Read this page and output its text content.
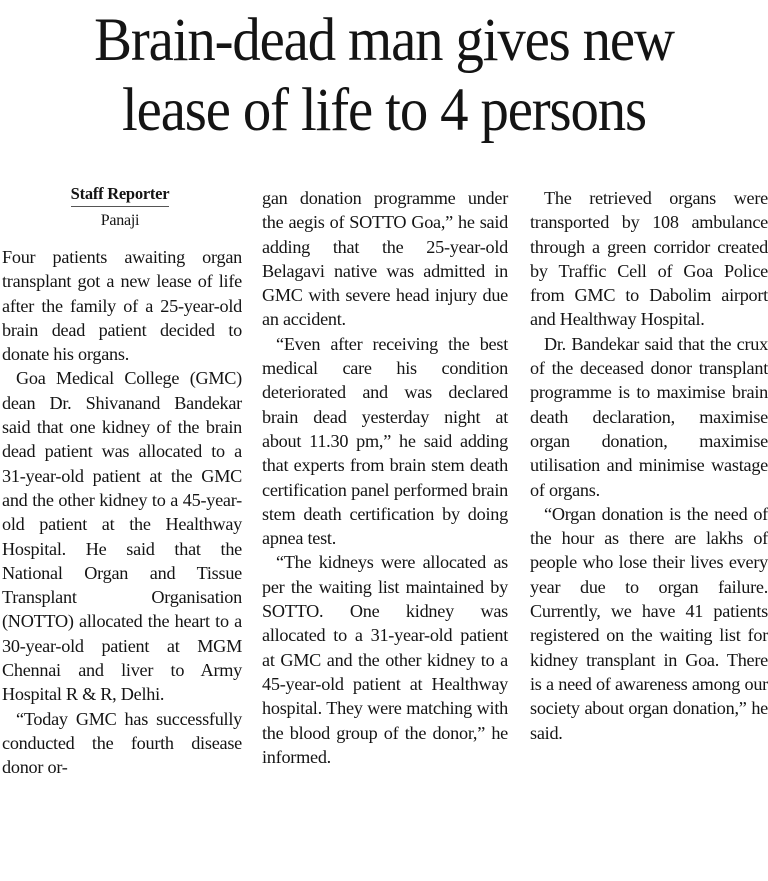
Brain-dead man gives new
lease of life to 4 persons
Staff Reporter
Panaji

Four patients awaiting organ transplant got a new lease of life after the family of a 25-year-old brain dead patient decided to donate his organs.

Goa Medical College (GMC) dean Dr. Shivanand Bandekar said that one kidney of the brain dead patient was allocated to a 31-year-old patient at the GMC and the other kidney to a 45-year-old patient at the Healthway Hospital. He said that the National Organ and Tissue Transplant Organisation (NOTTO) allocated the heart to a 30-year-old patient at MGM Chennai and liver to Army Hospital R & R, Delhi.

“Today GMC has successfully conducted the fourth disease donor or-

gan donation programme under the aegis of SOTTO Goa,” he said adding that the 25-year-old Belagavi native was admitted in GMC with severe head injury due an accident.

“Even after receiving the best medical care his condition deteriorated and was declared brain dead yesterday night at about 11.30 pm,” he said adding that experts from brain stem death certification panel performed brain stem death certification by doing apnea test.

“The kidneys were allocated as per the waiting list maintained by SOTTO. One kidney was allocated to a 31-year-old patient at GMC and the other kidney to a 45-year-old patient at Healthway hospital. They were matching with the blood group of the donor,” he informed.

The retrieved organs were transported by 108 ambulance through a green corridor created by Traffic Cell of Goa Police from GMC to Dabolim airport and Healthway Hospital.

Dr. Bandekar said that the crux of the deceased donor transplant programme is to maximise brain death declaration, maximise organ donation, maximise utilisation and minimise wastage of organs.

“Organ donation is the need of the hour as there are lakhs of people who lose their lives every year due to organ failure. Currently, we have 41 patients registered on the waiting list for kidney transplant in Goa. There is a need of awareness among our society about organ donation,” he said.
